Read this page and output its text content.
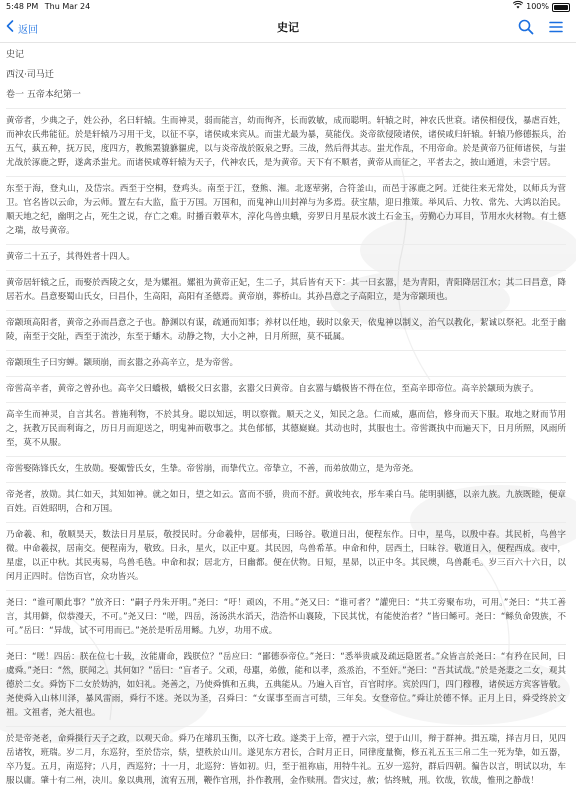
5:48 PM Thu Mar 24	100%
返回	史记
史记
西汉·司马迁
卷一 五帝本纪第一

黄帝者，少典之子，姓公孙，名曰轩辕。生而神灵，弱而能言，幼而徇齐，长而敦敏，成而聪明。轩辕之时，神农氏世衰。诸侯相侵伐，暴虐百姓，而神农氏弗能征。於是轩辕乃习用干戈，以征不享，诸侯咸来宾从。而蚩尤最为暴，莫能伐。炎帝欲侵陵诸侯，诸侯咸归轩辕。轩辕乃修德振兵，治五气，蓺五种，抚万民，度四方，教熊罴貔貅貙虎，以与炎帝战於阪泉之野。三战，然后得其志。蚩尤作乱，不用帝命。於是黄帝乃征师诸侯，与蚩尤战於涿鹿之野，遂禽杀蚩尤。而诸侯咸尊轩辕为天子，代神农氏，是为黄帝。天下有不顺者，黄帝从而征之，平者去之，披山通道，未尝宁居。

东至于海，登丸山，及岱宗。西至于空桐，登鸡头。南至于江，登熊、湘。北逐荤粥，合符釜山，而邑于涿鹿之阿。迁徙往来无常处，以师兵为营卫。官名皆以云命，为云师。置左右大监，监于万国。万国和，而鬼神山川封禅与为多焉。获宝鼎，迎日推策。举风后、力牧、常先、大鸿以治民。顺天地之纪，幽明之占，死生之说，存亡之难。时播百穀草木，淳化鸟兽虫蛾，旁罗日月星辰水波土石金玉，劳勤心力耳目，节用水火材物。有土德之瑞，故号黄帝。

黄帝二十五子，其得姓者十四人。

黄帝居轩辕之丘，而娶於西陵之女，是为嫘祖。嫘祖为黄帝正妃，生二子，其后皆有天下：其一曰玄嚣，是为青阳，青阳降居江水；其二曰昌意，降居若水。昌意娶蜀山氏女，曰昌仆，生高阳，高阳有圣德焉。黄帝崩，葬桥山。其孙昌意之子高阳立，是为帝颛顼也。

帝颛顼高阳者，黄帝之孙而昌意之子也。静渊以有谋，疏通而知事；养材以任地，载时以象天，依鬼神以制义，治气以教化，絜诚以祭祀。北至于幽陵，南至于交阯，西至于流沙，东至于蟠木。动静之物，大小之神，日月所照，莫不砥属。

帝颛顼生子曰穷蝉。颛顼崩，而玄嚣之孙高辛立，是为帝喾。

帝喾高辛者，黄帝之曾孙也。高辛父曰蟜极，蟜极父曰玄嚣，玄嚣父曰黄帝。自玄嚣与蟜极皆不得在位，至高辛即帝位。高辛於颛顼为族子。

高辛生而神灵，自言其名。普施利物，不於其身。聪以知远，明以察微。顺天之义，知民之急。仁而威，惠而信，修身而天下服。取地之财而节用之，抚教万民而利诲之，历日月而迎送之，明鬼神而敬事之。其色郁郁，其德嶷嶷。其动也时，其服也士。帝喾溉执中而遍天下，日月所照，风雨所至，莫不从服。

帝喾娶陈锋氏女，生放勋。娶娵訾氏女，生挚。帝喾崩，而挚代立。帝挚立，不善，而弟放勋立，是为帝尧。

帝尧者，放勋。其仁如天，其知如神。就之如日，望之如云。富而不骄，贵而不舒。黄收纯衣，彤车乘白马。能明驯德，以亲九族。九族既睦，便章百姓。百姓昭明，合和万国。

乃命羲、和，敬顺昊天，数法日月星辰，敬授民时。分命羲仲，居郁夷，曰旸谷。敬道日出，便程东作。日中，星鸟，以殷中春。其民析，鸟兽字微。申命羲叔，居南交。便程南为，敬致。日永，星火，以正中夏。其民因，鸟兽希革。申命和仲，居西土，曰昧谷。敬道日入，便程西成。夜中，星虚，以正中秋。其民夷易，鸟兽毛毨。申命和叔；居北方，曰幽都。便在伏物。日短，星昴，以正中冬。其民燠，鸟兽氄毛。岁三百六十六日，以闰月正四时。信饬百官，众功皆兴。

尧曰：“谁可顺此事？”放齐曰：“嗣子丹朱开明。”尧曰：“吁！顽凶，不用。”尧又曰：“谁可者？”讙兜曰：“共工旁聚布功，可用。”尧曰：“共工善言，其用僻，似恭漫天，不可。”尧又曰：“嗟，四岳，汤汤洪水滔天，浩浩怀山襄陵，下民其忧，有能使治者？”皆曰鲧可。尧曰：“鲧负命毁族，不可。”岳曰：“异哉，试不可用而已。”尧於是听岳用鲧。九岁，功用不成。

尧曰：“嗟！四岳：朕在位七十载，汝能庸命，践朕位？”岳应曰：“鄙德忝帝位。”尧曰：“悉举贵戚及疏远隐匿者。”众皆言於尧曰：“有矜在民间，曰虞舜。”尧曰：“然，朕闻之。其何如？”岳曰：“盲者子。父顽，母嚚，弟傲，能和以孝，烝烝治，不至奸。”尧曰：“吾其试哉。”於是尧妻之二女，观其德於二女。舜饬下二女於妫汭，如妇礼。尧善之，乃使舜慎和五典，五典能从。乃遍入百官，百官时序。宾於四门，四门穆穆，诸侯远方宾客皆敬。尧使舜入山林川泽，暴风雷雨，舜行不迷。尧以为圣，召舜曰：“女谋事至而言可绩，三年矣。女登帝位。”舜让於德不怿。正月上日，舜受终於文祖。文祖者，尧大祖也。

於是帝尧老，命舜摄行天子之政，以观天命。舜乃在璿玑玉衡，以齐七政。遂类于上帝，禋于六宗，望于山川，辩于群神。揖五瑞，择吉月日，见四岳诸牧，班瑞。岁二月，东巡狩，至於岱宗，祡，望秩於山川。遂见东方君长，合时月正日，同律度量衡，修五礼五玉三帛二生一死为挚，如五器，卒乃复。五月，南巡狩；八月，西巡狩；十一月，北巡狩：皆如初。归，至于祖祢庙，用特牛礼。五岁一巡狩，群后四朝。徧告以言，明试以功，车服以庸。肇十有二州，决川。象以典刑，流宥五刑，鞭作官刑，扑作教刑，金作赎刑。眚灾过，赦；怙终贼，刑。钦哉，钦哉，惟刑之静哉！
